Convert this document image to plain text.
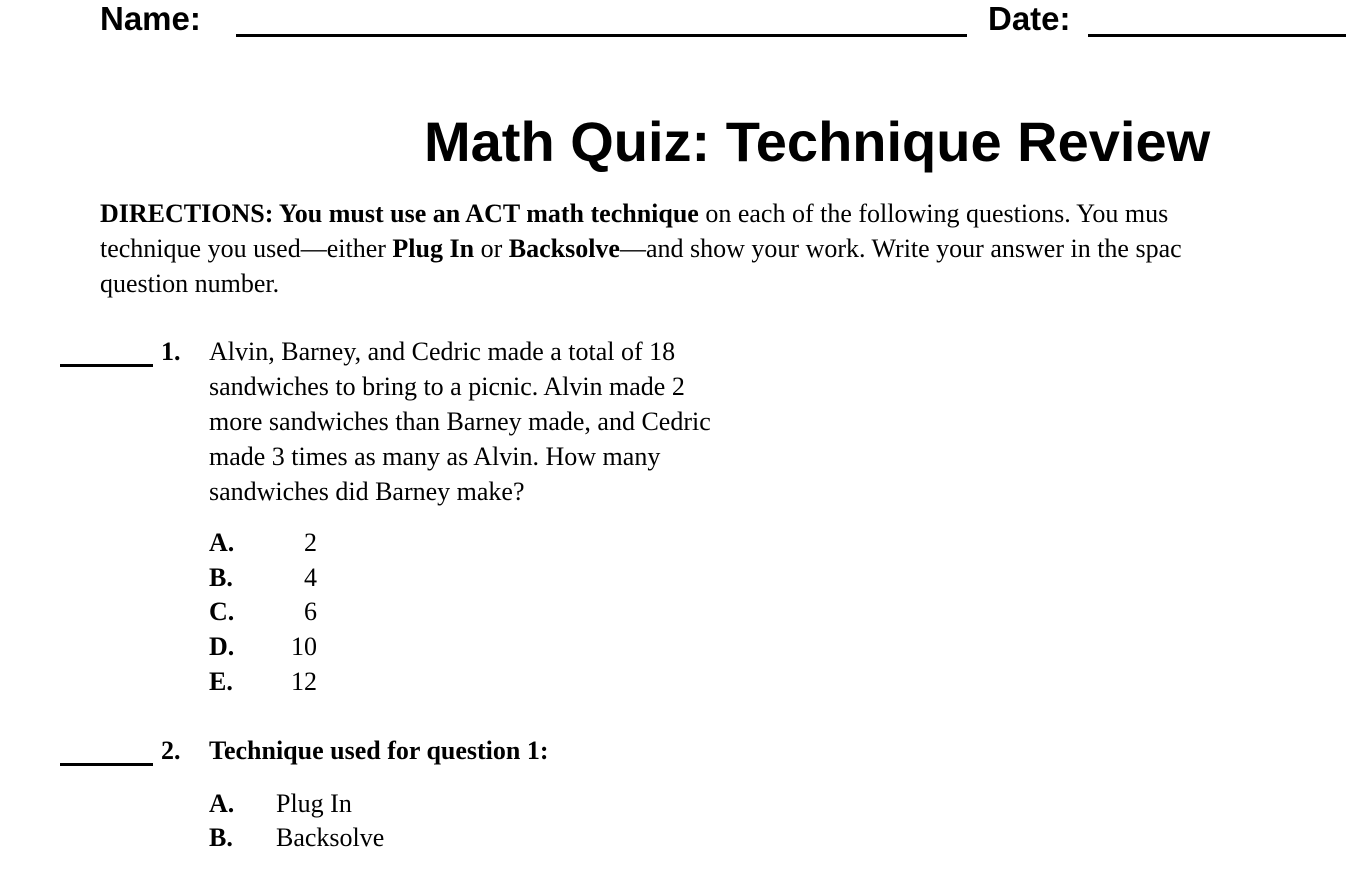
Name:	Date:
Math Quiz: Technique Review
DIRECTIONS: You must use an ACT math technique on each of the following questions. You mus
technique you used—either Plug In or Backsolve—and show your work. Write your answer in the spac
question number.
1. Alvin, Barney, and Cedric made a total of 18
sandwiches to bring to a picnic. Alvin made 2
more sandwiches than Barney made, and Cedric
made 3 times as many as Alvin. How many
sandwiches did Barney make?
A.	2
B.	4
C.	6
D. 10
E. 12
2. Technique used for question 1:
A. Plug In
B. Backsolve
